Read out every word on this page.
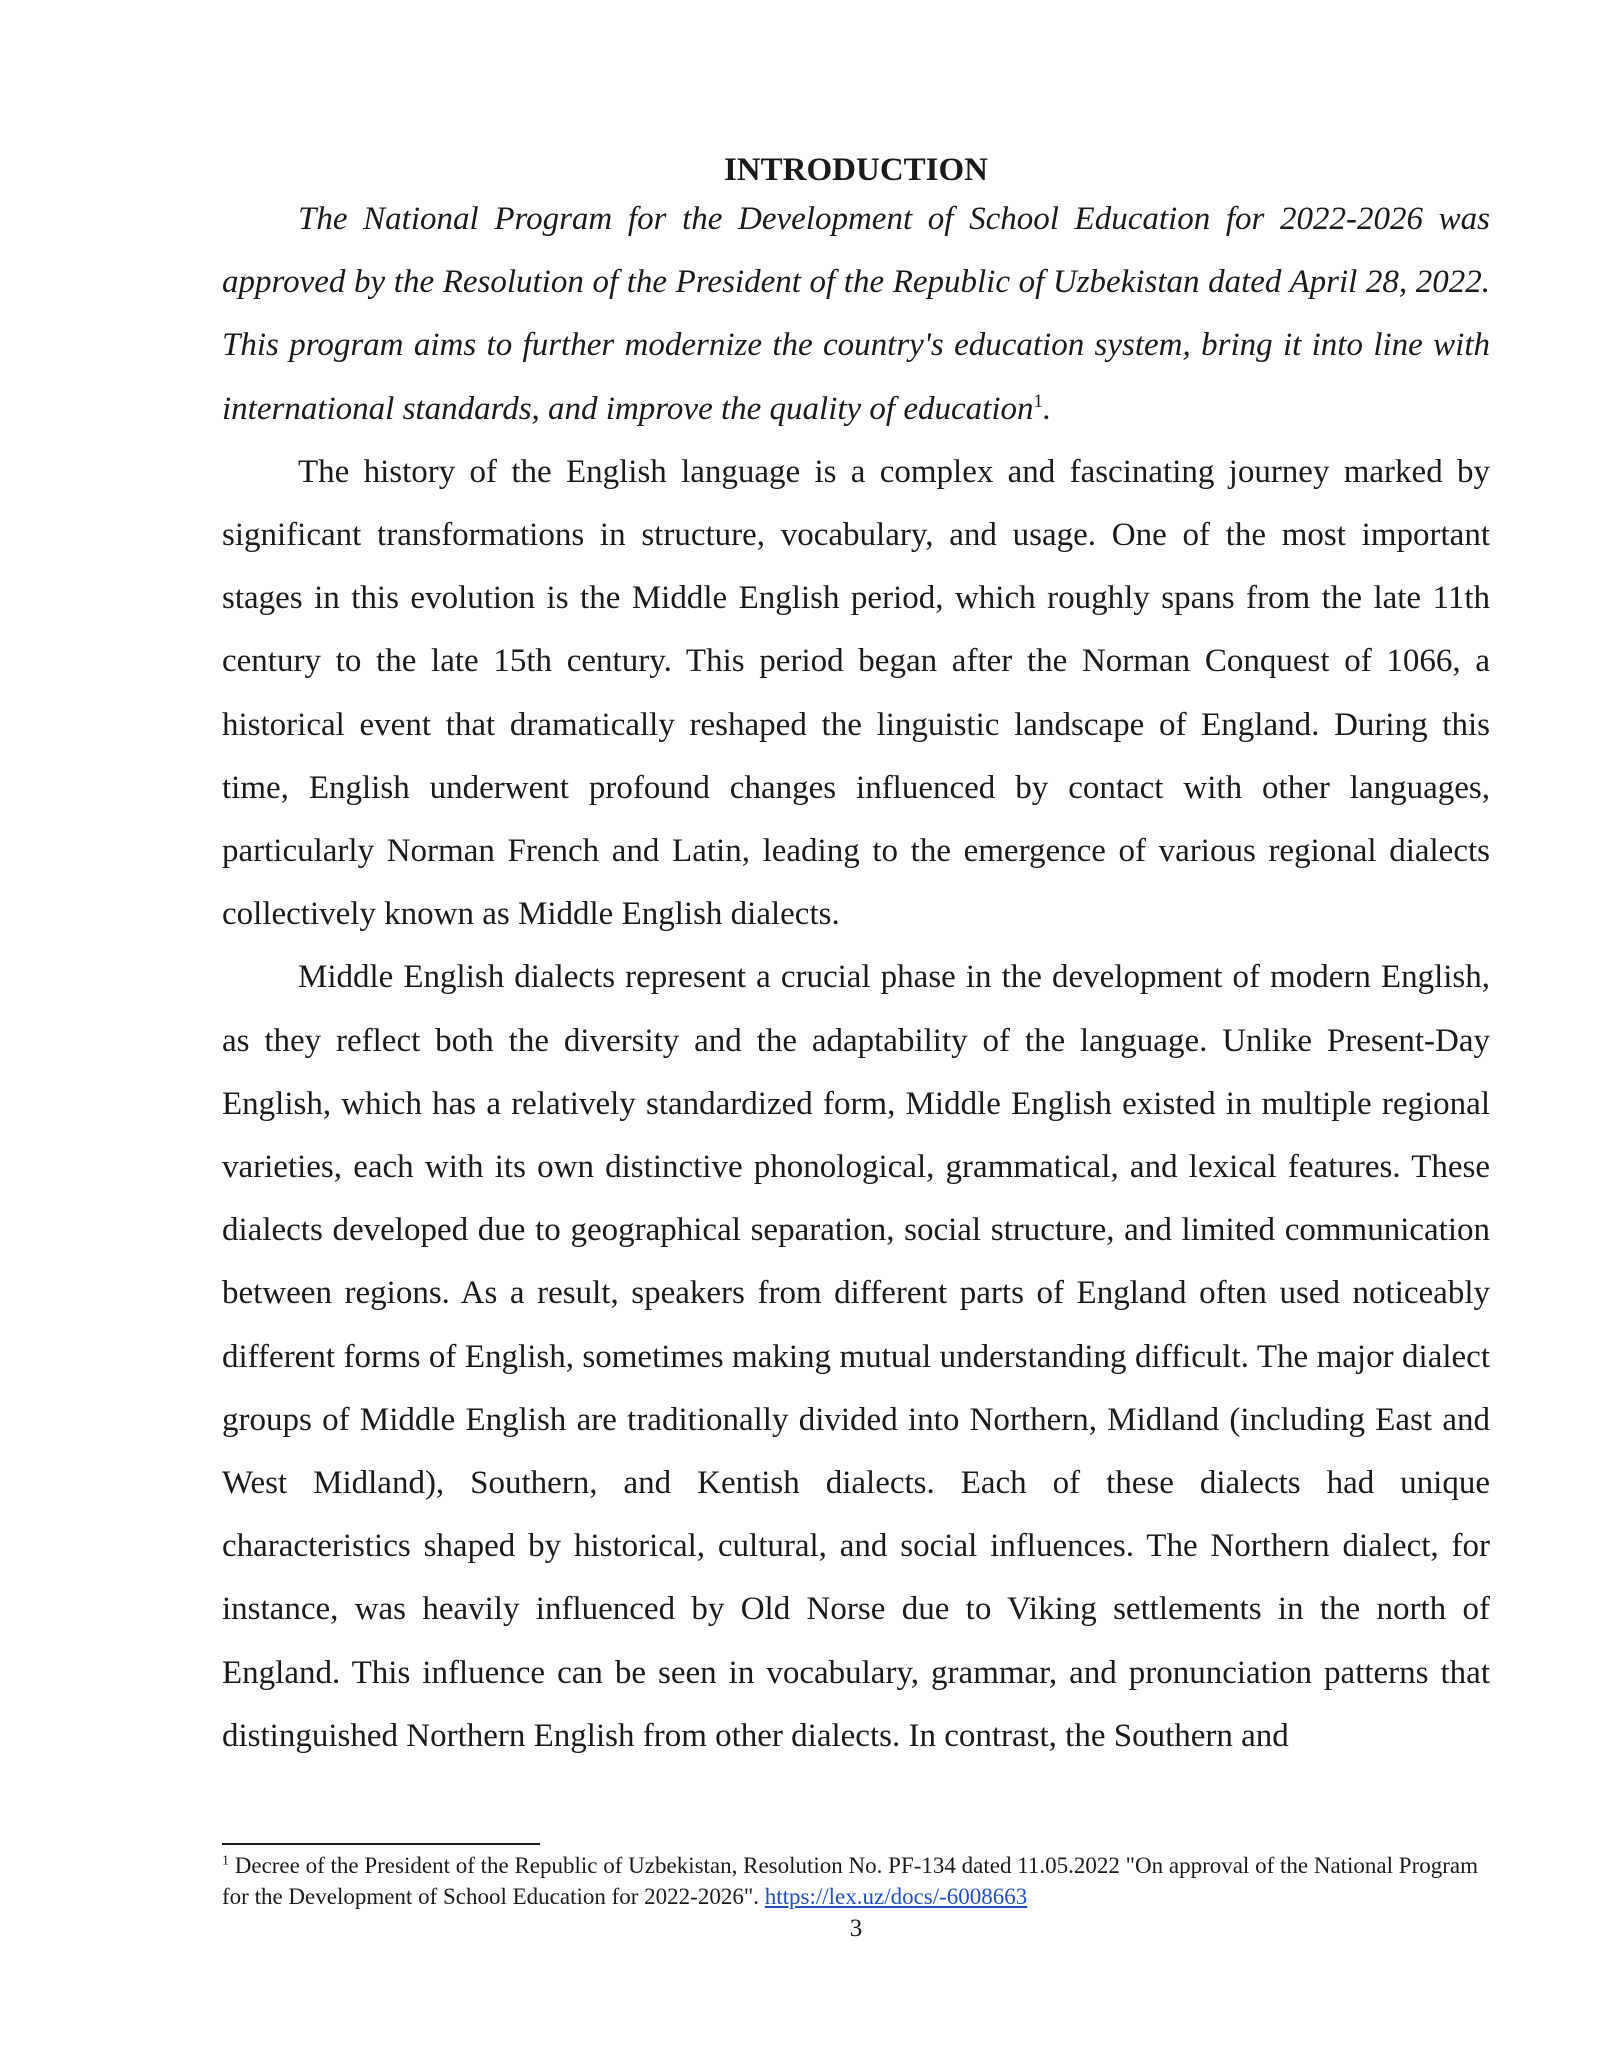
INTRODUCTION

The National Program for the Development of School Education for 2022-2026 was approved by the Resolution of the President of the Republic of Uzbekistan dated April 28, 2022. This program aims to further modernize the country's education system, bring it into line with international standards, and improve the quality of education$^1$.

The history of the English language is a complex and fascinating journey marked by significant transformations in structure, vocabulary, and usage. One of the most important stages in this evolution is the Middle English period, which roughly spans from the late 11th century to the late 15th century. This period began after the Norman Conquest of 1066, a historical event that dramatically reshaped the linguistic landscape of England. During this time, English underwent profound changes influenced by contact with other languages, particularly Norman French and Latin, leading to the emergence of various regional dialects collectively known as Middle English dialects.

Middle English dialects represent a crucial phase in the development of modern English, as they reflect both the diversity and the adaptability of the language. Unlike Present-Day English, which has a relatively standardized form, Middle English existed in multiple regional varieties, each with its own distinctive phonological, grammatical, and lexical features. These dialects developed due to geographical separation, social structure, and limited communication between regions. As a result, speakers from different parts of England often used noticeably different forms of English, sometimes making mutual understanding difficult. The major dialect groups of Middle English are traditionally divided into Northern, Midland (including East and West Midland), Southern, and Kentish dialects. Each of these dialects had unique characteristics shaped by historical, cultural, and social influences. The Northern dialect, for instance, was heavily influenced by Old Norse due to Viking settlements in the north of England. This influence can be seen in vocabulary, grammar, and pronunciation patterns that distinguished Northern English from other dialects. In contrast, the Southern and

$^1$ Decree of the President of the Republic of Uzbekistan, Resolution No. PF-134 dated 11.05.2022 "On approval of the National Program for the Development of School Education for 2022-2026". https://lex.uz/docs/-6008663

3
